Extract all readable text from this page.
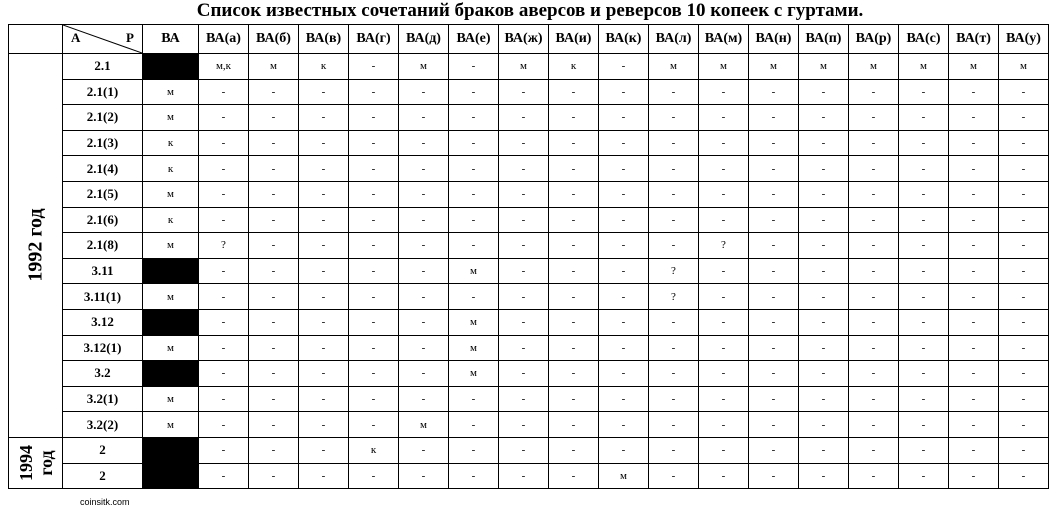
Список известных сочетаний браков аверсов и реверсов 10 копеек с гуртами.

	А Р	ВА	ВА(а)	ВА(б)	ВА(в)	ВА(г)	ВА(д)	ВА(е)	ВА(ж)	ВА(и)	ВА(к)	ВА(л)	ВА(м)	ВА(н)	ВА(п)	ВА(р)	ВА(с)	ВА(т)	ВА(у)

1992 год	2.1		м,к	м	к	-	м	-	м	к	-	м	м	м	м	м	м	м	м
	2.1(1)	м	-	-	-	-	-	-	-	-	-	-	-	-	-	-	-	-	-
	2.1(2)	м	-	-	-	-	-	-	-	-	-	-	-	-	-	-	-	-	-
	2.1(3)	к	-	-	-	-	-	-	-	-	-	-	-	-	-	-	-	-	-
	2.1(4)	к	-	-	-	-	-	-	-	-	-	-	-	-	-	-	-	-	-
	2.1(5)	м	-	-	-	-	-	-	-	-	-	-	-	-	-	-	-	-	-
	2.1(6)	к	-	-	-	-	-	-	-	-	-	-	-	-	-	-	-	-	-
	2.1(8)	м	?	-	-	-	-	-	-	-	-	-	?	-	-	-	-	-	-
	3.11		-	-	-	-	-	м	-	-	-	?	-	-	-	-	-	-	-
	3.11(1)	м	-	-	-	-	-	-	-	-	-	?	-	-	-	-	-	-	-
	3.12		-	-	-	-	-	м	-	-	-	-	-	-	-	-	-	-	-
	3.12(1)	м	-	-	-	-	-	м	-	-	-	-	-	-	-	-	-	-	-
	3.2		-	-	-	-	-	м	-	-	-	-	-	-	-	-	-	-	-
	3.2(1)	м	-	-	-	-	-	-	-	-	-	-	-	-	-	-	-	-	-
	3.2(2)	м	-	-	-	-	м	-	-	-	-	-	-	-	-	-	-	-	-

1994 год	2		-	-	-	к	-	-	-	-	-	-	-	-	-	-	-	-	-
	2		-	-	-	-	-	-	-	-	м	-	-	-	-	-	-	-	-
coinsitk.com
